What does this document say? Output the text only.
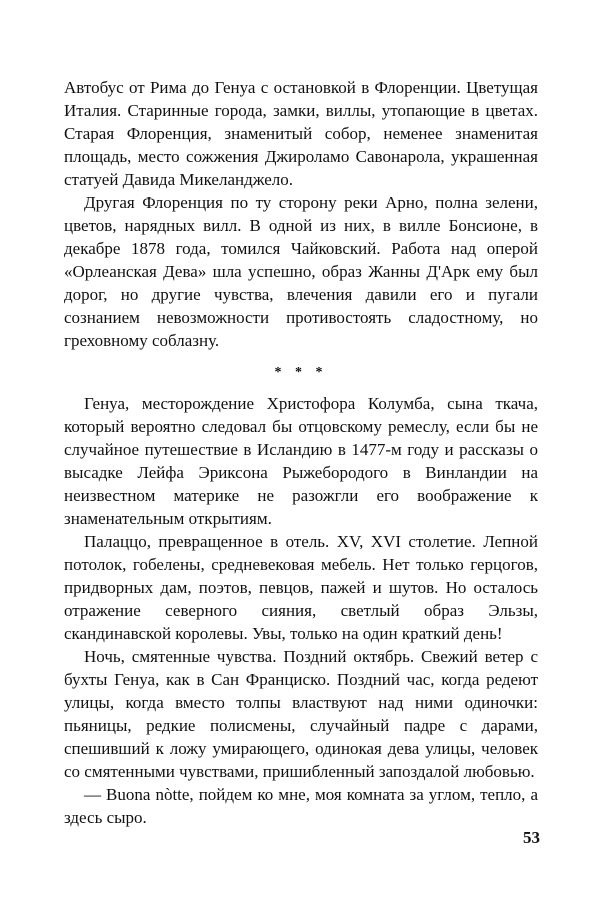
Автобус от Рима до Генуа с остановкой в Флоренции. Цветущая Италия. Старинные города, замки, виллы, утопающие в цветах. Старая Флоренция, знаменитый собор, неменее знаменитая площадь, место сожжения Джироламо Савонарола, украшенная статуей Давида Микеланджело.

Другая Флоренция по ту сторону реки Арно, полна зелени, цветов, нарядных вилл. В одной из них, в вилле Бонсионе, в декабре 1878 года, томился Чайковский. Работа над оперой «Орлеанская Дева» шла успешно, образ Жанны Д'Арк ему был дорог, но другие чувства, влечения давили его и пугали сознанием невозможности противостоять сладостному, но греховному соблазну.

* * *

Генуа, месторождение Христофора Колумба, сына ткача, который вероятно следовал бы отцовскому ремеслу, если бы не случайное путешествие в Исландию в 1477-м году и рассказы о высадке Лейфа Эриксона Рыжебородого в Винландии на неизвестном материке не разожгли его воображение к знаменательным открытиям.

Палаццо, превращенное в отель. XV, XVI столетие. Лепной потолок, гобелены, средневековая мебель. Нет только герцогов, придворных дам, поэтов, певцов, пажей и шутов. Но осталось отражение северного сияния, светлый образ Эльзы, скандинавской королевы. Увы, только на один краткий день!

Ночь, смятенные чувства. Поздний октябрь. Свежий ветер с бухты Генуа, как в Сан Франциско. Поздний час, когда редеют улицы, когда вместо толпы властвуют над ними одиночки: пьяницы, редкие полисмены, случайный падре с дарами, спешивший к ложу умирающего, одинокая дева улицы, человек со смятенными чувствами, пришибленный запоздалой любовью.

— Buona nòtte, пойдем ко мне, моя комната за углом, тепло, а здесь сыро.

53
